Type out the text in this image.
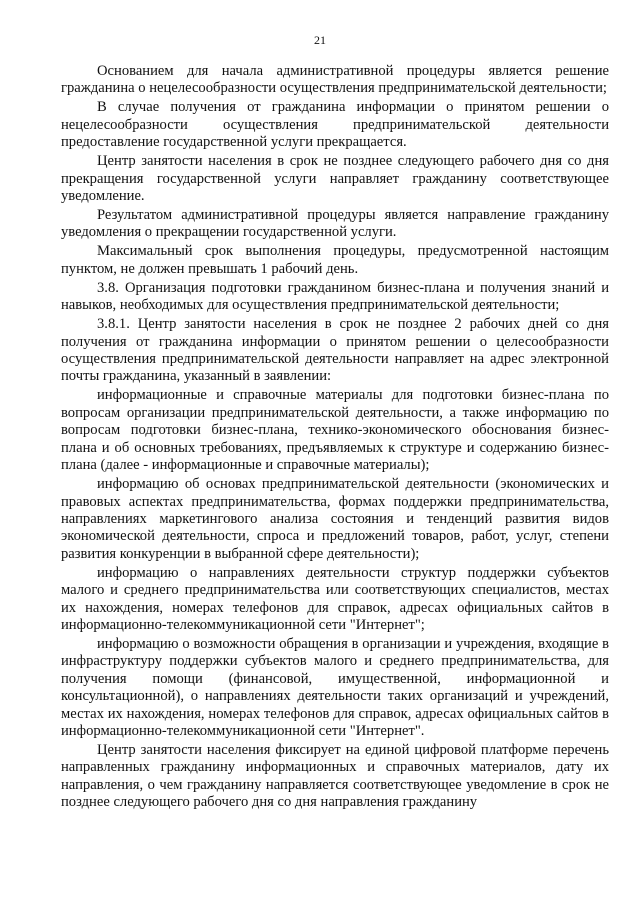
21

Основанием для начала административной процедуры является решение гражданина о нецелесообразности осуществления предпринимательской деятельности;

В случае получения от гражданина информации о принятом решении о нецелесообразности осуществления предпринимательской деятельности предоставление государственной услуги прекращается.

Центр занятости населения в срок не позднее следующего рабочего дня со дня прекращения государственной услуги направляет гражданину соответствующее уведомление.

Результатом административной процедуры является направление гражданину уведомления о прекращении государственной услуги.

Максимальный срок выполнения процедуры, предусмотренной настоящим пунктом, не должен превышать 1 рабочий день.

3.8. Организация подготовки гражданином бизнес-плана и получения знаний и навыков, необходимых для осуществления предпринимательской деятельности;

3.8.1. Центр занятости населения в срок не позднее 2 рабочих дней со дня получения от гражданина информации о принятом решении о целесообразности осуществления предпринимательской деятельности направляет на адрес электронной почты гражданина, указанный в заявлении:

информационные и справочные материалы для подготовки бизнес-плана по вопросам организации предпринимательской деятельности, а также информацию по вопросам подготовки бизнес-плана, технико-экономического обоснования бизнес-плана и об основных требованиях, предъявляемых к структуре и содержанию бизнес-плана (далее - информационные и справочные материалы);

информацию об основах предпринимательской деятельности (экономических и правовых аспектах предпринимательства, формах поддержки предпринимательства, направлениях маркетингового анализа состояния и тенденций развития видов экономической деятельности, спроса и предложений товаров, работ, услуг, степени развития конкуренции в выбранной сфере деятельности);

информацию о направлениях деятельности структур поддержки субъектов малого и среднего предпринимательства или соответствующих специалистов, местах их нахождения, номерах телефонов для справок, адресах официальных сайтов в информационно-телекоммуникационной сети "Интернет";

информацию о возможности обращения в организации и учреждения, входящие в инфраструктуру поддержки субъектов малого и среднего предпринимательства, для получения помощи (финансовой, имущественной, информационной и консультационной), о направлениях деятельности таких организаций и учреждений, местах их нахождения, номерах телефонов для справок, адресах официальных сайтов в информационно-телекоммуникационной сети "Интернет".

Центр занятости населения фиксирует на единой цифровой платформе перечень направленных гражданину информационных и справочных материалов, дату их направления, о чем гражданину направляется соответствующее уведомление в срок не позднее следующего рабочего дня со дня направления гражданину
